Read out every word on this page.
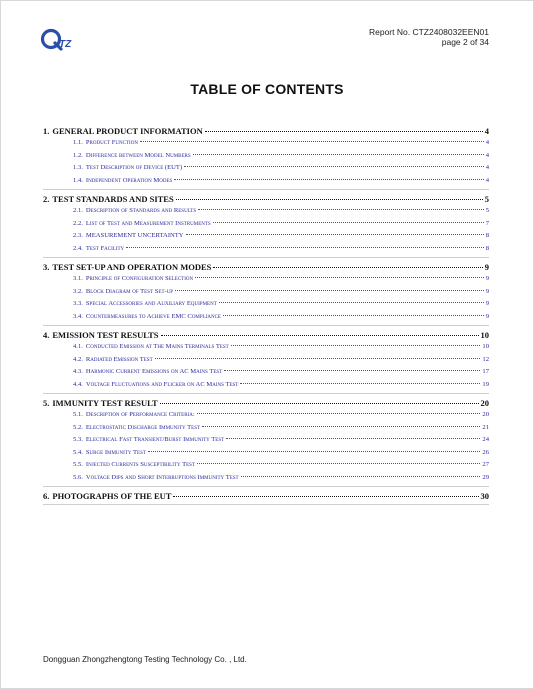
TZ
Report No. CTZ2408032EEN01
page 2 of 34
TABLE OF CONTENTS
1. GENERAL PRODUCT INFORMATION	4
1.1. Product Function	4
1.2. Difference between Model Numbers	4
1.3. Test Description of Device (EUT)	4
1.4. Independent Operation Modes	4
2. TEST STANDARDS AND SITES	5
2.1. Description of Standards and Results	5
2.2. List of Test and Measurement Instruments	7
2.3. MEASUREMENT UNCERTAINTY	8
2.4. Test Facility	8
3. TEST SET-UP AND OPERATION MODES	9
3.1. Principle of Configuration Selection	9
3.2. Block Diagram of Test Set-up	9
3.3. Special Accessories and Auxiliary Equipment	9
3.4. Countermeasures to Achieve EMC Compliance	9
4. EMISSION TEST RESULTS	10
4.1. Conducted Emission at The Mains Terminals Test	10
4.2. Radiated Emission Test	12
4.3. Harmonic Current Emissions on AC Mains Test	17
4.4. Voltage Fluctuations and Flicker on AC Mains Test	19
5. IMMUNITY TEST RESULT	20
5.1. Description of Performance Criteria:	20
5.2. Electrostatic Discharge Immunity Test	21
5.3. Electrical Fast Transient/Burst Immunity Test	24
5.4. Surge Immunity Test	26
5.5. Injected Currents Susceptibility Test	27
5.6. Voltage Dips and Short Interruptions Immunity Test	29
6. PHOTOGRAPHS OF THE EUT	30
Dongguan Zhongzhengtong Testing Technology Co. , Ltd.
